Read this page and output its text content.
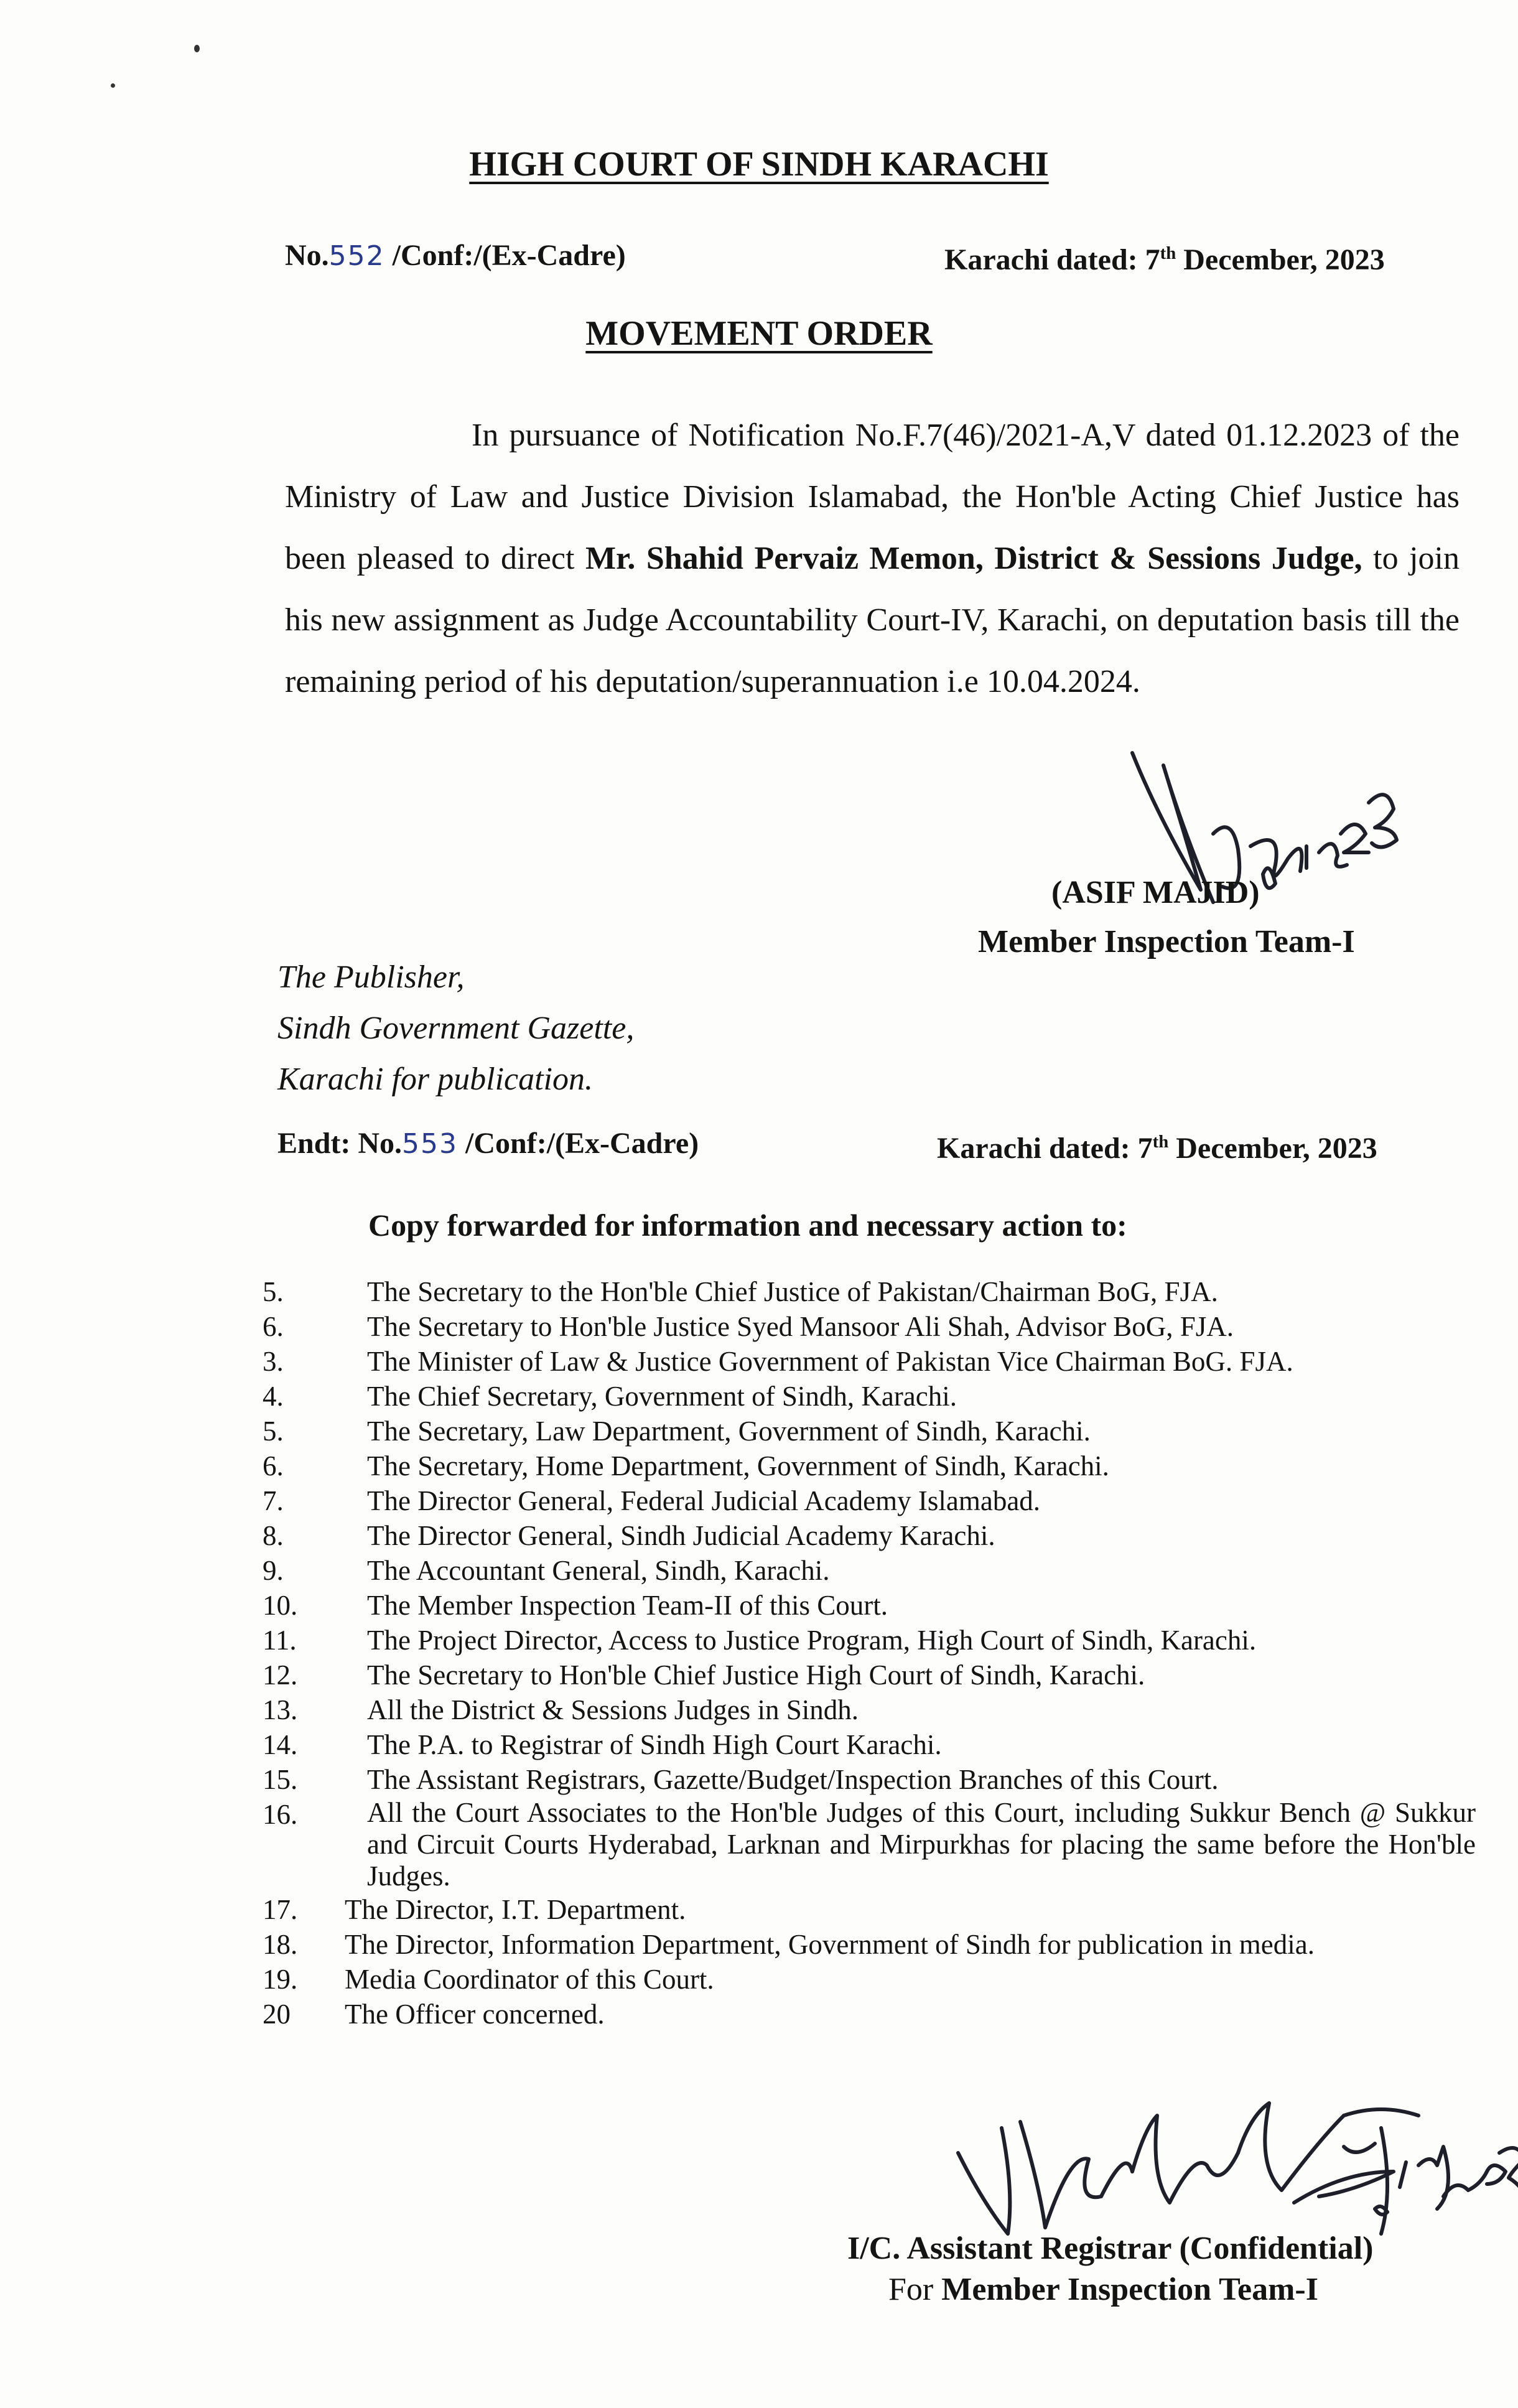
HIGH COURT OF SINDH KARACHI
No.552 /Conf:/(Ex-Cadre)	Karachi dated: 7th December, 2023
MOVEMENT ORDER
In pursuance of Notification No.F.7(46)/2021-A,V dated 01.12.2023 of the Ministry of Law and Justice Division Islamabad, the Hon'ble Acting Chief Justice has been pleased to direct Mr. Shahid Pervaiz Memon, District & Sessions Judge, to join his new assignment as Judge Accountability Court-IV, Karachi, on deputation basis till the remaining period of his deputation/superannuation i.e 10.04.2024.
(ASIF MAJID)
Member Inspection Team-I
The Publisher,
Sindh Government Gazette,
Karachi for publication.
Endt: No.553 /Conf:/(Ex-Cadre)	Karachi dated: 7th December, 2023
Copy forwarded for information and necessary action to:
5.	The Secretary to the Hon'ble Chief Justice of Pakistan/Chairman BoG, FJA.
6.	The Secretary to Hon'ble Justice Syed Mansoor Ali Shah, Advisor BoG, FJA.
3.	The Minister of Law & Justice Government of Pakistan Vice Chairman BoG. FJA.
4.	The Chief Secretary, Government of Sindh, Karachi.
5.	The Secretary, Law Department, Government of Sindh, Karachi.
6.	The Secretary, Home Department, Government of Sindh, Karachi.
7.	The Director General, Federal Judicial Academy Islamabad.
8.	The Director General, Sindh Judicial Academy Karachi.
9.	The Accountant General, Sindh, Karachi.
10.	The Member Inspection Team-II of this Court.
11.	The Project Director, Access to Justice Program, High Court of Sindh, Karachi.
12.	The Secretary to Hon'ble Chief Justice High Court of Sindh, Karachi.
13.	All the District & Sessions Judges in Sindh.
14.	The P.A. to Registrar of Sindh High Court Karachi.
15.	The Assistant Registrars, Gazette/Budget/Inspection Branches of this Court.
16.	All the Court Associates to the Hon'ble Judges of this Court, including Sukkur Bench @ Sukkur and Circuit Courts Hyderabad, Larknan and Mirpurkhas for placing the same before the Hon'ble Judges.
17.	The Director, I.T. Department.
18.	The Director, Information Department, Government of Sindh for publication in media.
19.	Media Coordinator of this Court.
20	The Officer concerned.
I/C. Assistant Registrar (Confidential)
For Member Inspection Team-I
